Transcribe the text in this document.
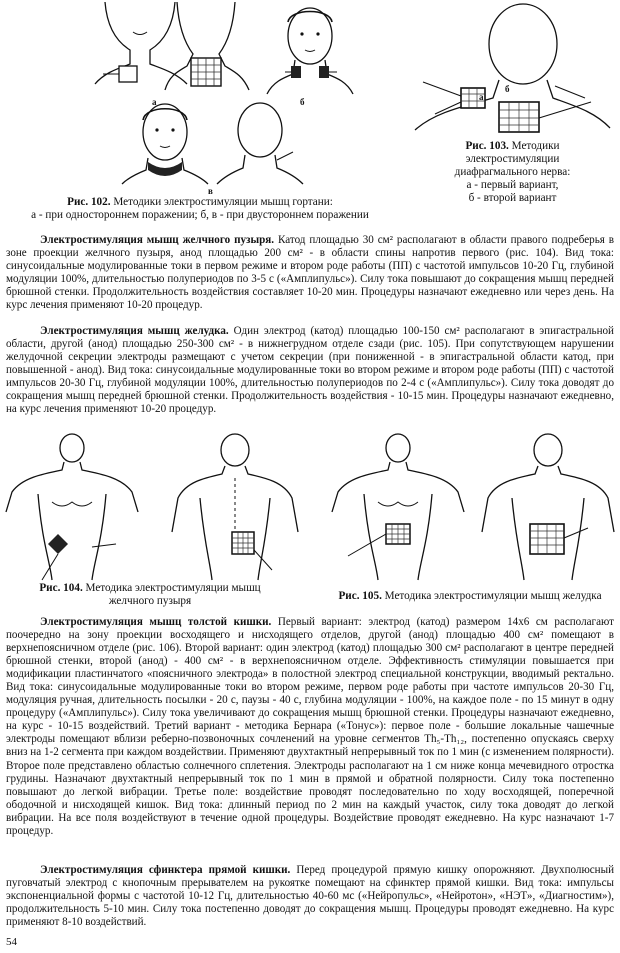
а	б
в
Рис. 102. Методики электростимуляции мышц гортани:
а - при одностороннем поражении; б, в - при двустороннем поражении
а
б
Рис. 103. Методики
электростимуляции
диафрагмального нерва:
а - первый вариант,
б - второй вариант
Электростимуляция мышц желчного пузыря. Катод площадью 30 см² располагают в области правого подреберья в зоне проекции желчного пузыря, анод площадью 200 см² - в области спины напротив первого (рис. 104). Вид тока: синусоидальные модулированные токи в первом режиме и втором роде работы (ПП) с частотой импульсов 10-20 Гц, глубиной модуляции 100%, длительностью полупериодов по 3-5 с («Амплипульс»). Силу тока повышают до сокращения мышц передней брюшной стенки. Продолжительность воздействия составляет 10-20 мин. Процедуры назначают ежедневно или через день. На курс лечения применяют 10-20 процедур.
Электростимуляция мышц желудка. Один электрод (катод) площадью 100-150 см² располагают в эпигастральной области, другой (анод) площадью 250-300 см² - в нижнегрудном отделе сзади (рис. 105). При сопутствующем нарушении желудочной секреции электроды размещают с учетом секреции (при пониженной - в эпигастральной области катод, при повышенной - анод). Вид тока: синусоидальные модулированные токи во втором режиме и втором роде работы (ПП) с частотой импульсов 20-30 Гц, глубиной модуляции 100%, длительностью полупериодов по 2-4 с («Амплипульс»). Силу тока доводят до сокращения мышц передней брюшной стенки. Продолжительность воздействия - 10-15 мин. Процедуры назначают ежедневно, на курс лечения применяют 10-20 процедур.
Рис. 104. Методика электростимуляции мышц
желчного пузыря	Рис. 105. Методика электростимуляции мышц желудка
Электростимуляция мышц толстой кишки. Первый вариант: электрод (катод) размером 14х6 см располагают поочередно на зону проекции восходящего и нисходящего отделов, другой (анод) площадью 400 см² помещают в верхнепоясничном отделе (рис. 106). Второй вариант: один электрод (катод) площадью 300 см² располагают в центре передней брюшной стенки, второй (анод) - 400 см² - в верхнепоясничном отделе. Эффективность стимуляции повышается при модификации пластинчатого «поясничного электрода» в полостной электрод специальной конструкции, вводимый ректально. Вид тока: синусоидальные модулированные токи во втором режиме, первом роде работы при частоте импульсов 20-30 Гц, модуляция ручная, длительность посылки - 20 с, паузы - 40 с, глубина модуляции - 100%, на каждое поле - по 15 минут в одну процедуру («Амплипульс»). Силу тока увеличивают до сокращения мышц брюшной стенки. Процедуры назначают ежедневно, на курс - 10-15 воздействий. Третий вариант - методика Бернара («Тонус»): первое поле - большие локальные чашечные электроды помещают вблизи реберно-позвоночных сочленений на уровне сегментов Th₅-Th₁₂, постепенно опускаясь сверху вниз на 1-2 сегмента при каждом воздействии. Применяют двухтактный непрерывный ток по 1 мин (с изменением полярности). Второе поле представлено областью солнечного сплетения. Электроды располагают на 1 см ниже конца мечевидного отростка грудины. Назначают двухтактный непрерывный ток по 1 мин в прямой и обратной полярности. Силу тока постепенно повышают до легкой вибрации. Третье поле: воздействие проводят последовательно по ходу восходящей, поперечной ободочной и нисходящей кишок. Вид тока: длинный период по 2 мин на каждый участок, силу тока доводят до легкой вибрации. На все поля воздействуют в течение одной процедуры. Воздействие проводят ежедневно. На курс назначают 1-7 процедур.
Электростимуляция сфинктера прямой кишки. Перед процедурой прямую кишку опорожняют. Двухполюсный пуговчатый электрод с кнопочным прерывателем на рукоятке помещают на сфинктер прямой кишки. Вид тока: импульсы экспоненциальной формы с частотой 10-12 Гц, длительностью 40-60 мс («Нейропульс», «Нейротон», «НЭТ», «Диагностим»), продолжительность 5-10 мин. Силу тока постепенно доводят до сокращения мышц. Процедуры проводят ежедневно. На курс применяют 8-10 воздействий.
54
